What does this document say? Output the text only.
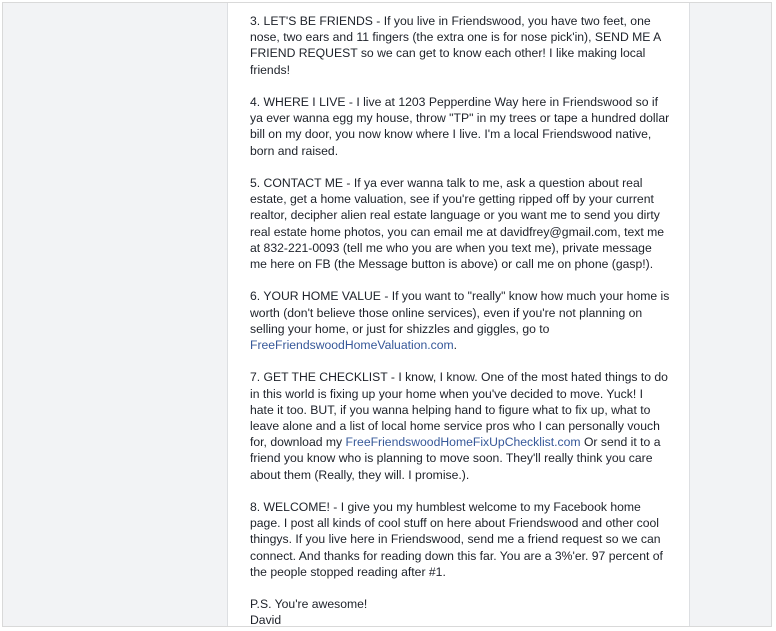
3. LET'S BE FRIENDS - If you live in Friendswood, you have two feet, one nose, two ears and 11 fingers (the extra one is for nose pick'in), SEND ME A FRIEND REQUEST so we can get to know each other! I like making local friends!

4. WHERE I LIVE - I live at 1203 Pepperdine Way here in Friendswood so if ya ever wanna egg my house, throw "TP" in my trees or tape a hundred dollar bill on my door, you now know where I live. I'm a local Friendswood native, born and raised.

5. CONTACT ME - If ya ever wanna talk to me, ask a question about real estate, get a home valuation, see if you're getting ripped off by your current realtor, decipher alien real estate language or you want me to send you dirty real estate home photos, you can email me at davidfrey@gmail.com, text me at 832-221-0093 (tell me who you are when you text me), private message me here on FB (the Message button is above) or call me on phone (gasp!).

6. YOUR HOME VALUE - If you want to "really" know how much your home is worth (don't believe those online services), even if you're not planning on selling your home, or just for shizzles and giggles, go to FreeFriendswoodHomeValuation.com.

7. GET THE CHECKLIST - I know, I know. One of the most hated things to do in this world is fixing up your home when you've decided to move. Yuck! I hate it too. BUT, if you wanna helping hand to figure what to fix up, what to leave alone and a list of local home service pros who I can personally vouch for, download my FreeFriendswoodHomeFixUpChecklist.com Or send it to a friend you know who is planning to move soon. They'll really think you care about them (Really, they will. I promise.).

8. WELCOME! - I give you my humblest welcome to my Facebook home page. I post all kinds of cool stuff on here about Friendswood and other cool thingys. If you live here in Friendswood, send me a friend request so we can connect. And thanks for reading down this far. You are a 3%'er. 97 percent of the people stopped reading after #1.

P.S. You're awesome!

David
